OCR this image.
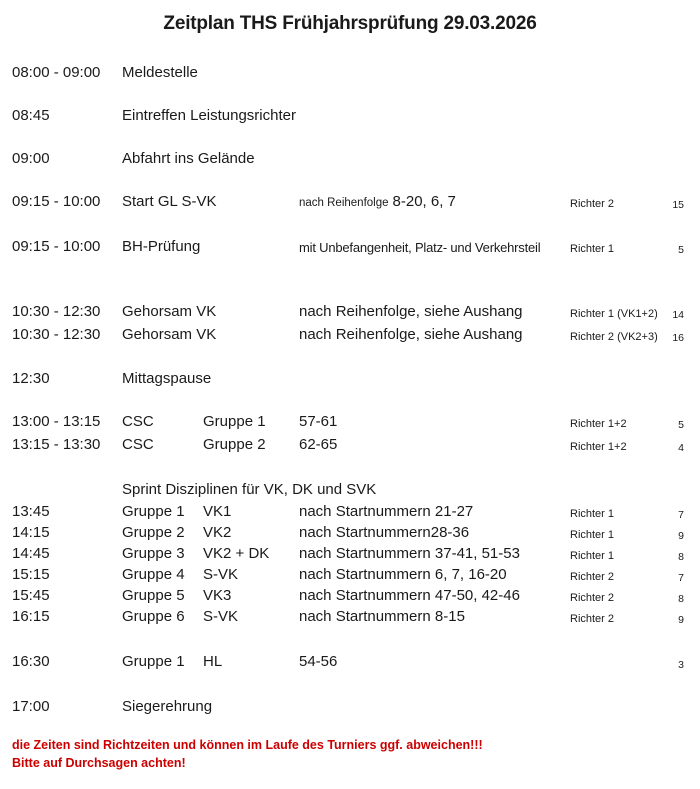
Zeitplan THS Frühjahrsprüfung 29.03.2026
08:00 - 09:00 Meldestelle
08:45	Eintreffen Leistungsrichter
09:00	Abfahrt ins Gelände
09:15 - 10:00 Start GL S-VK	nach Reihenfolge 8-20, 6, 7	Richter 2	15
09:15 - 10:00 BH-Prüfung	mit Unbefangenheit, Platz- und Verkehrsteil	Richter 1	5
10:30 - 12:30 Gehorsam VK	nach Reihenfolge, siehe Aushang	Richter 1 (VK1+2)	14
10:30 - 12:30 Gehorsam VK	nach Reihenfolge, siehe Aushang	Richter 2 (VK2+3)	16
12:30	Mittagspause
13:00 - 13:15 CSC	Gruppe 1 57-61	Richter 1+2	5
13:15 - 13:30 CSC	Gruppe 2 62-65	Richter 1+2	4
Sprint Disziplinen für VK, DK und SVK
13:45	Gruppe 1 VK1	nach Startnummern 21-27	Richter 1	7
14:15	Gruppe 2 VK2	nach Startnummern28-36	Richter 1	9
14:45	Gruppe 3 VK2 + DK nach Startnummern 37-41, 51-53	Richter 1	8
15:15	Gruppe 4 S-VK	nach Startnummern 6, 7, 16-20	Richter 2	7
15:45	Gruppe 5 VK3	nach Startnummern 47-50, 42-46	Richter 2	8
16:15	Gruppe 6 S-VK	nach Startnummern 8-15	Richter 2	9
16:30	Gruppe 1 HL	54-56	3
17:00	Siegerehrung
die Zeiten sind Richtzeiten und können im Laufe des Turniers ggf. abweichen!!!
Bitte auf Durchsagen achten!
